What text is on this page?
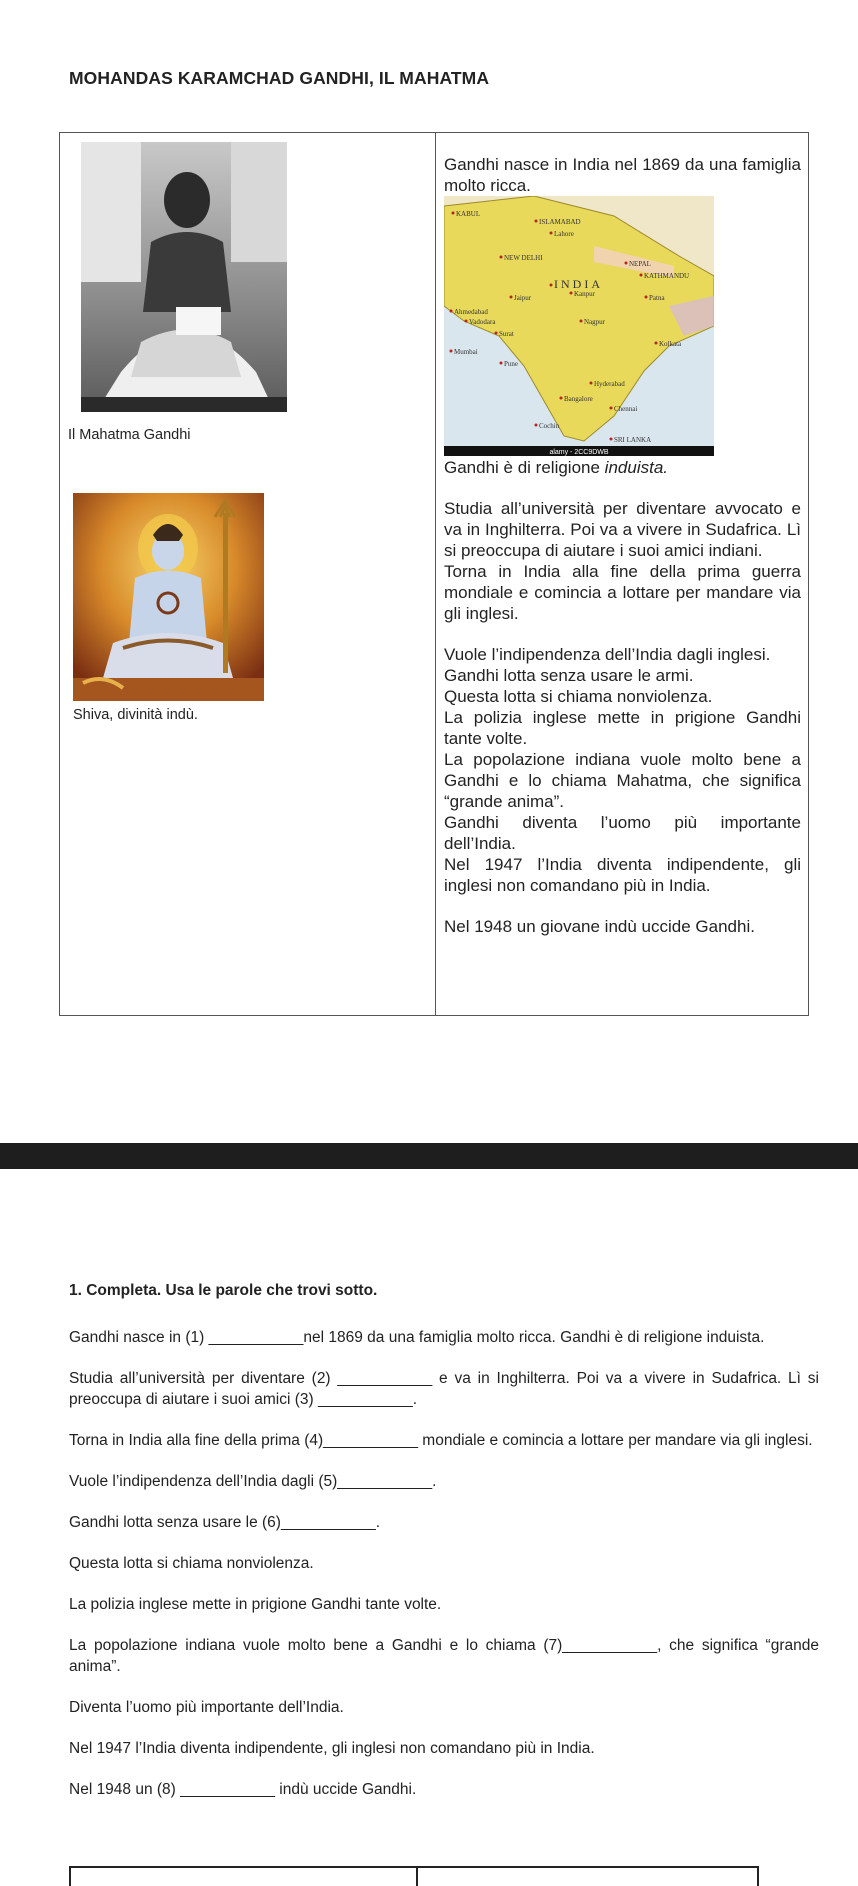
MOHANDAS KARAMCHAD GANDHI, IL MAHATMA
Il Mahatma Gandhi
Shiva, divinità indù.

Gandhi nasce in India nel 1869 da una famiglia molto ricca.

KABUL
ISLAMABAD
Lahore
NEW DELHI
NEPAL
KATHMANDU
INDIA
Jaipur	Kanpur	Patna
Ahmedabad
Vadodara
Surat
Mumbai
Nagpur
Pune
Kolkata
Hyderabad
Bangalore
Chennai
Cochin
SRI LANKA
alamy - 2CC9DWB

Gandhi è di religione induista.

Studia all’università per diventare avvocato e va in Inghilterra. Poi va a vivere in Sudafrica. Lì si preoccupa di aiutare i suoi amici indiani.

Torna in India alla fine della prima guerra mondiale e comincia a lottare per mandare via gli inglesi.

Vuole l’indipendenza dell’India dagli inglesi.

Gandhi lotta senza usare le armi.

Questa lotta si chiama nonviolenza.

La polizia inglese mette in prigione Gandhi tante volte.

La popolazione indiana vuole molto bene a Gandhi e lo chiama Mahatma, che significa “grande anima”.

Gandhi diventa l’uomo più importante dell’India.

Nel 1947 l’India diventa indipendente, gli inglesi non comandano più in India.

Nel 1948 un giovane indù uccide Gandhi.

1. Completa. Usa le parole che trovi sotto.

Gandhi nasce in (1) ___________nel 1869 da una famiglia molto ricca. Gandhi è di religione induista.

Studia all’università per diventare (2) ___________ e va in Inghilterra. Poi va a vivere in Sudafrica. Lì si preoccupa di aiutare i suoi amici (3) ___________.

Torna in India alla fine della prima (4)___________ mondiale e comincia a lottare per mandare via gli inglesi.

Vuole l’indipendenza dell’India dagli (5)___________.

Gandhi lotta senza usare le (6)___________.

Questa lotta si chiama nonviolenza.

La polizia inglese mette in prigione Gandhi tante volte.

La popolazione indiana vuole molto bene a Gandhi e lo chiama (7)___________, che significa “grande anima”.

Diventa l’uomo più importante dell’India.

Nel 1947 l’India diventa indipendente, gli inglesi non comandano più in India.

Nel 1948 un (8) ___________ indù uccide Gandhi.
